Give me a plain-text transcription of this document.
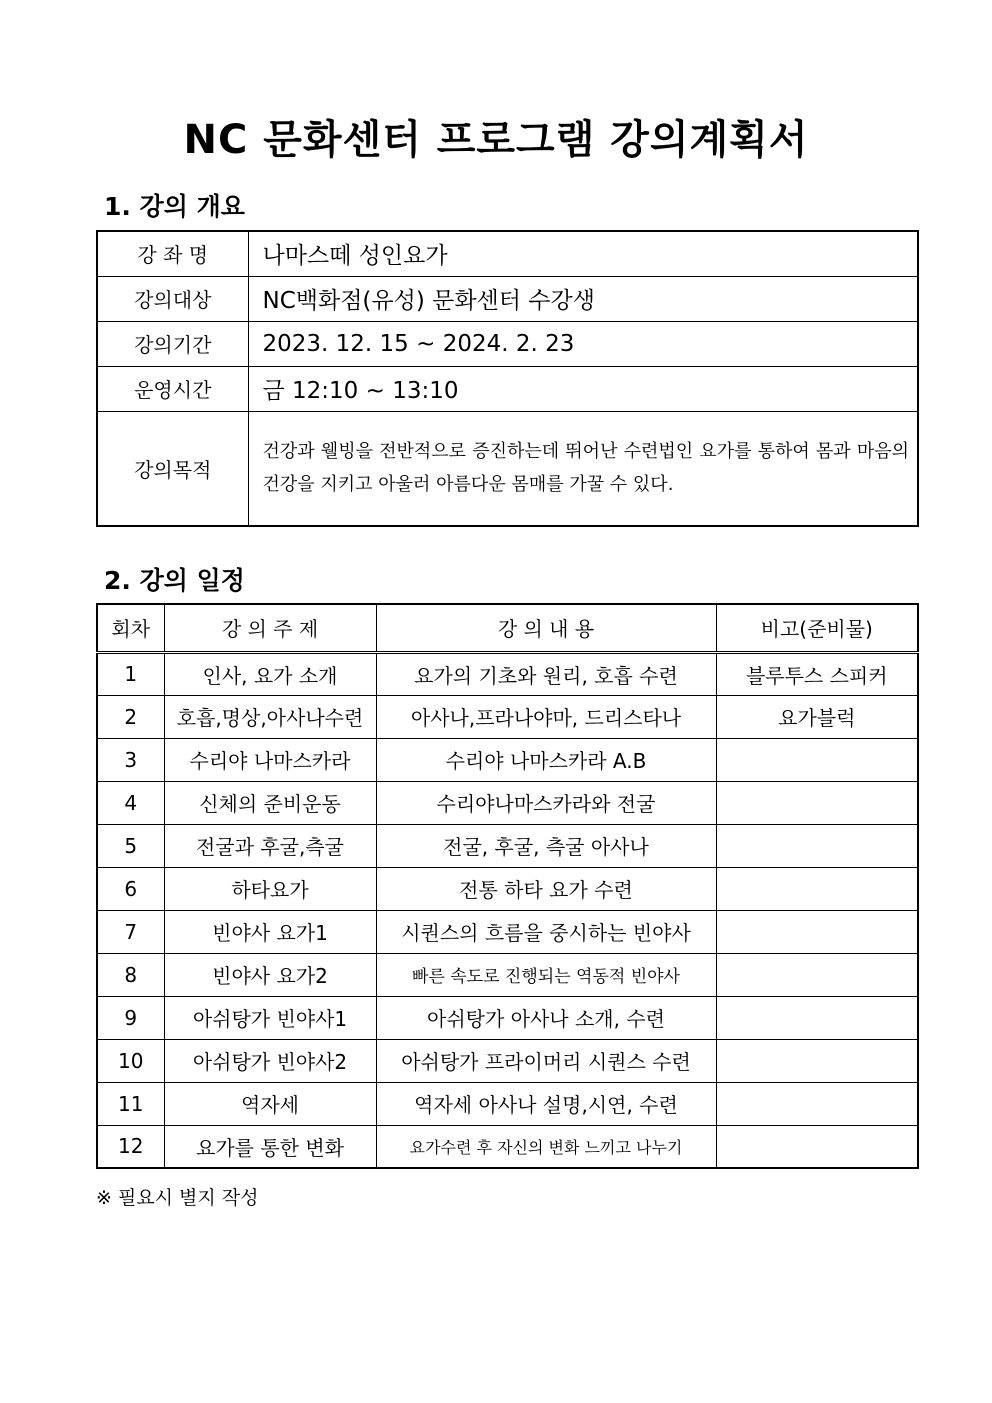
NC 문화센터 프로그램 강의계획서
1. 강의 개요
강 좌 명	나마스떼 성인요가
강의대상	NC백화점(유성) 문화센터 수강생
강의기간	2023. 12. 15 ~ 2024. 2. 23
운영시간	금 12:10 ~ 13:10
강의목적	건강과 웰빙을 전반적으로 증진하는데 뛰어난 수련법인 요가를 통하여 몸과 마음의 건강을 지키고 아울러 아름다운 몸매를 가꿀 수 있다.
2. 강의 일정
회차	강 의 주 제	강 의 내 용	비고(준비물)
1	인사, 요가 소개	요가의 기초와 원리, 호흡 수련	블루투스 스피커
2	호흡,명상,아사나수련	아사나,프라나야마, 드리스타나	요가블럭
3	수리야 나마스카라	수리야 나마스카라 A.B	
4	신체의 준비운동	수리야나마스카라와 전굴	
5	전굴과 후굴,측굴	전굴, 후굴, 측굴 아사나	
6	하타요가	전통 하타 요가 수련	
7	빈야사 요가1	시퀀스의 흐름을 중시하는 빈야사	
8	빈야사 요가2	빠른 속도로 진행되는 역동적 빈야사	
9	아쉬탕가 빈야사1	아쉬탕가 아사나 소개, 수련	
10	아쉬탕가 빈야사2	아쉬탕가 프라이머리 시퀀스 수련	
11	역자세	역자세 아사나 설명,시연, 수련	
12	요가를 통한 변화	요가수련 후 자신의 변화 느끼고 나누기	
※ 필요시 별지 작성
